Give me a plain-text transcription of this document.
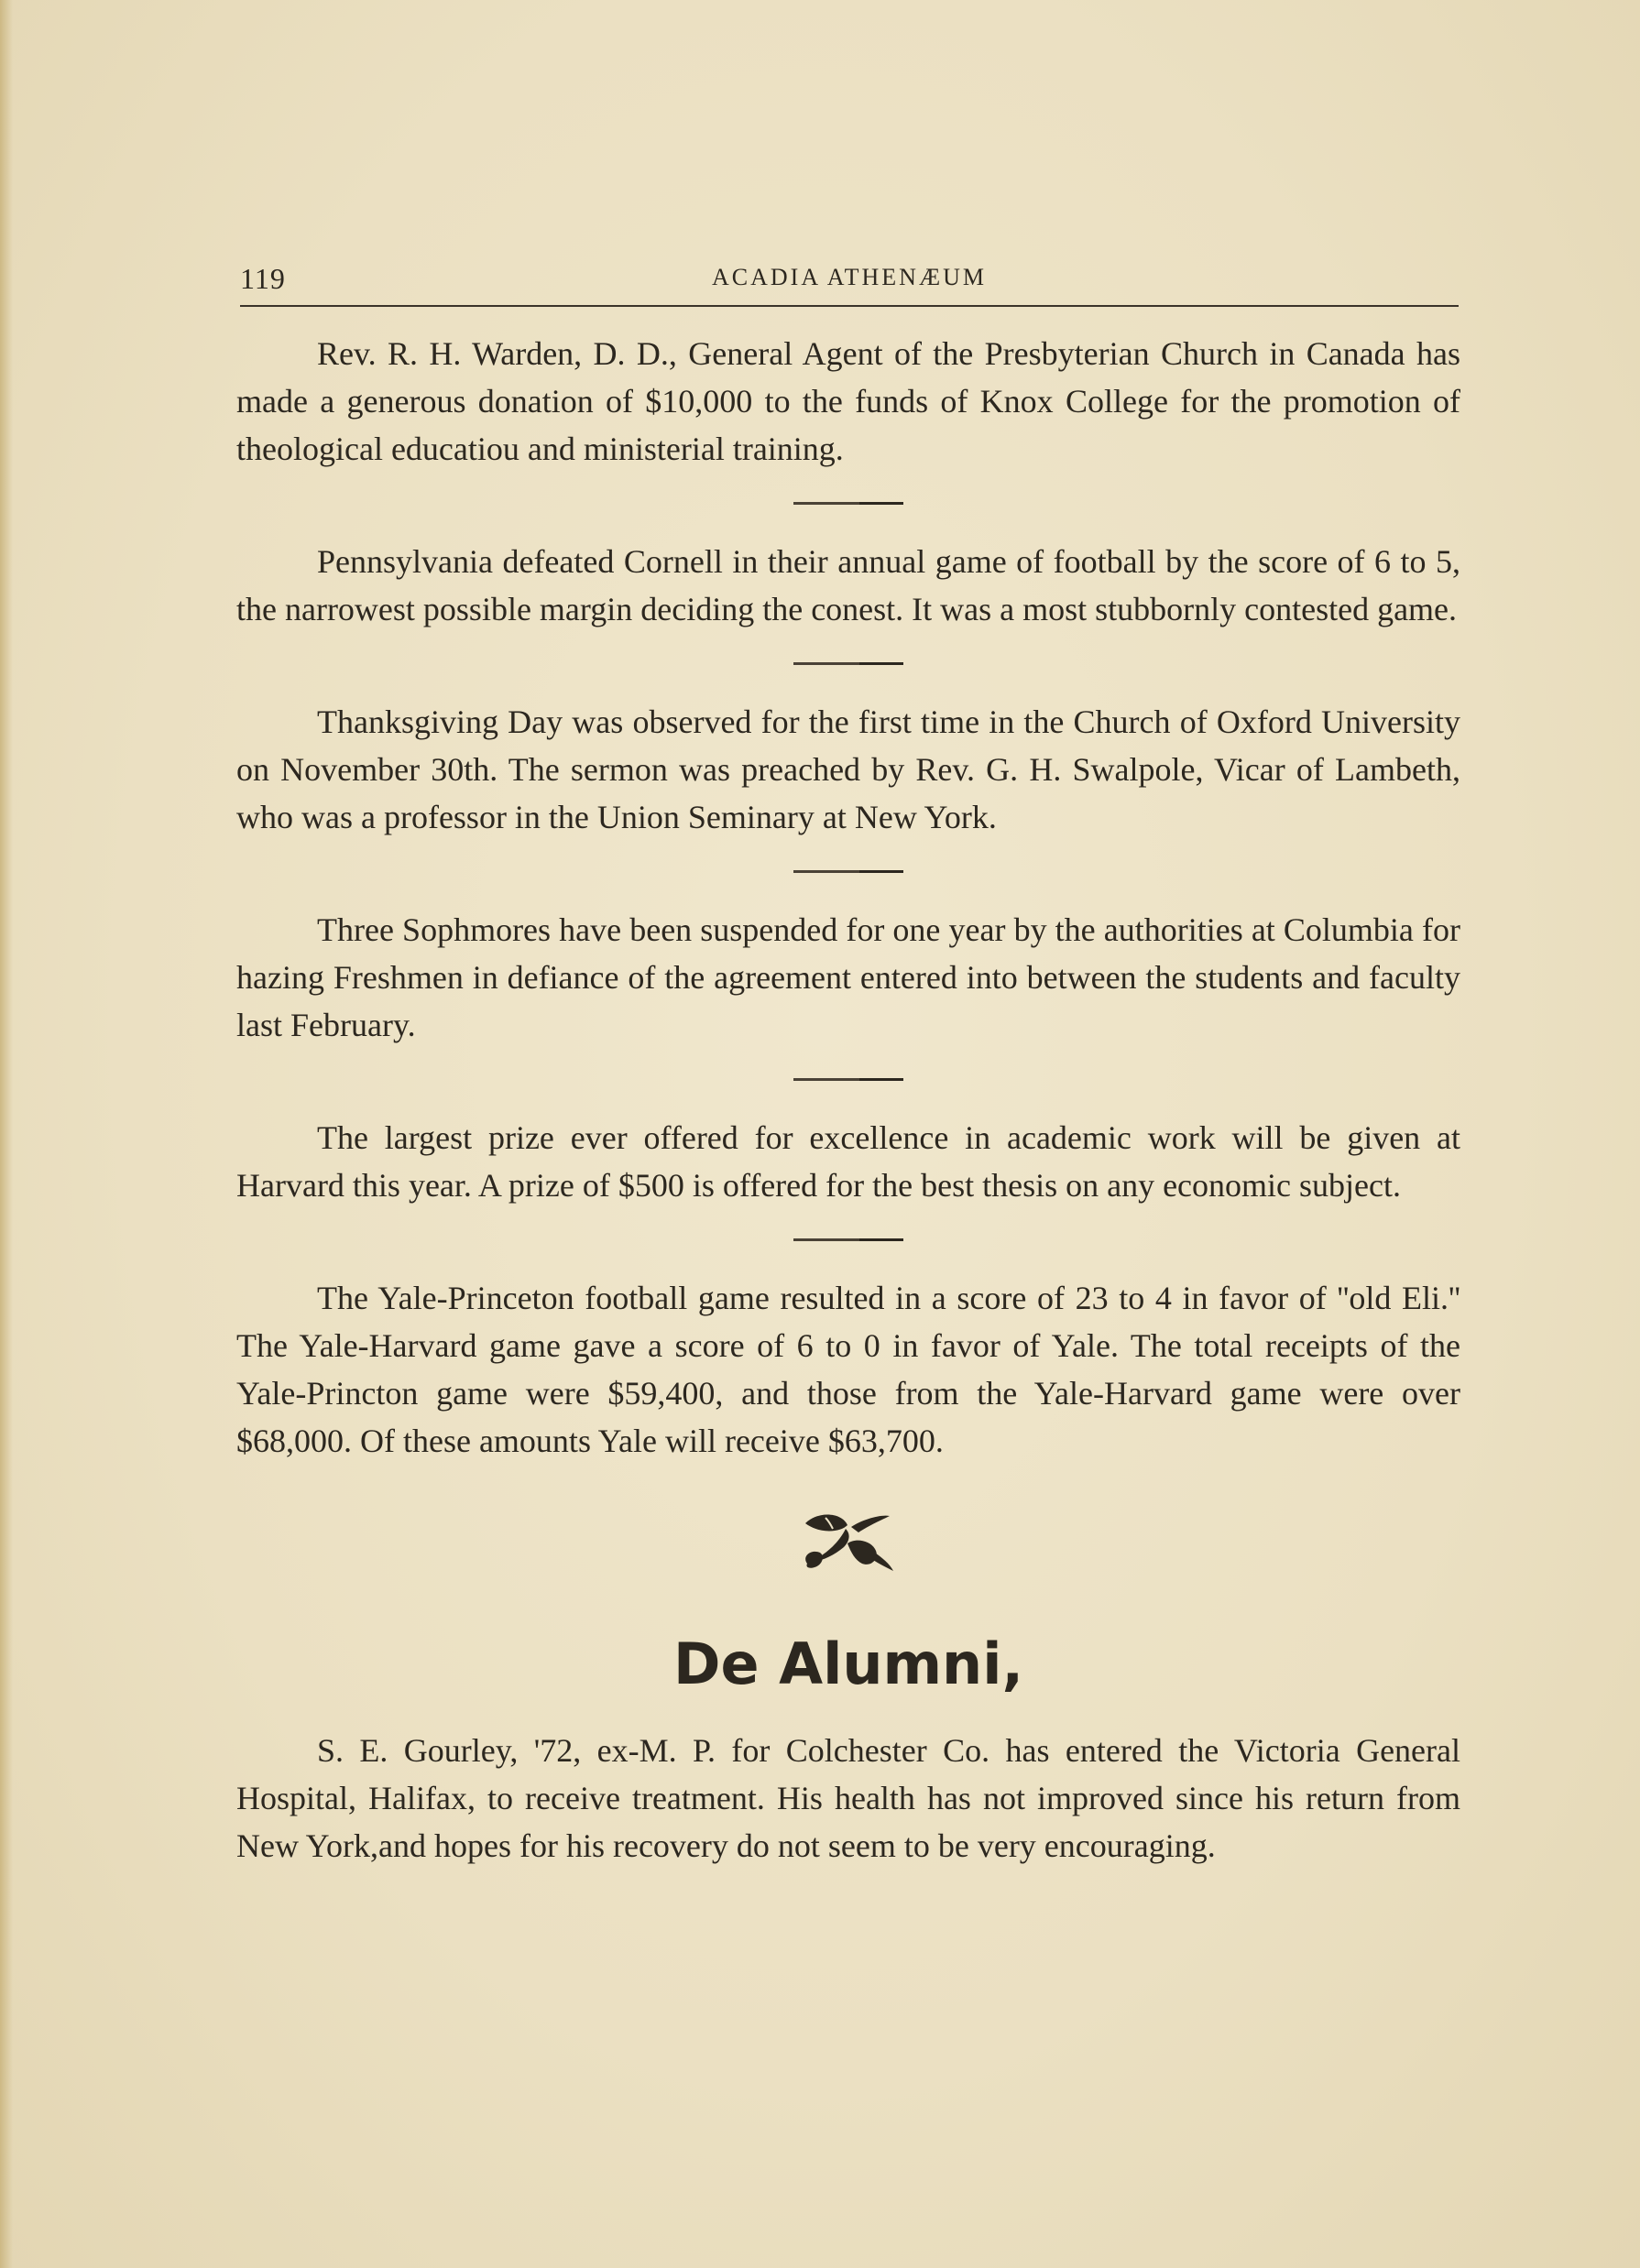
119	ACADIA ATHENÆUM

Rev. R. H. Warden, D. D., General Agent of the Presbyterian Church in Canada has made a generous donation of $10,000 to the funds of Knox College for the promotion of theological educatiou and ministerial training.

Pennsylvania defeated Cornell in their annual game of football by the score of 6 to 5, the narrowest possible margin deciding the conest. It was a most stubbornly contested game.

Thanksgiving Day was observed for the first time in the Church of Oxford University on November 30th. The sermon was preached by Rev. G. H. Swalpole, Vicar of Lambeth, who was a professor in the Union Seminary at New York.

Three Sophmores have been suspended for one year by the authorities at Columbia for hazing Freshmen in defiance of the agreement entered into between the students and faculty last February.

The largest prize ever offered for excellence in academic work will be given at Harvard this year. A prize of $500 is offered for the best thesis on any economic subject.

The Yale-Princeton football game resulted in a score of 23 to 4 in favor of ''old Eli.'' The Yale-Harvard game gave a score of 6 to 0 in favor of Yale. The total receipts of the Yale-Princton game were $59,400, and those from the Yale-Harvard game were over $68,000. Of these amounts Yale will receive $63,700.

De Alumni,

S. E. Gourley, '72, ex-M. P. for Colchester Co. has entered the Victoria General Hospital, Halifax, to receive treatment. His health has not improved since his return from New York,and hopes for his recovery do not seem to be very encouraging.
